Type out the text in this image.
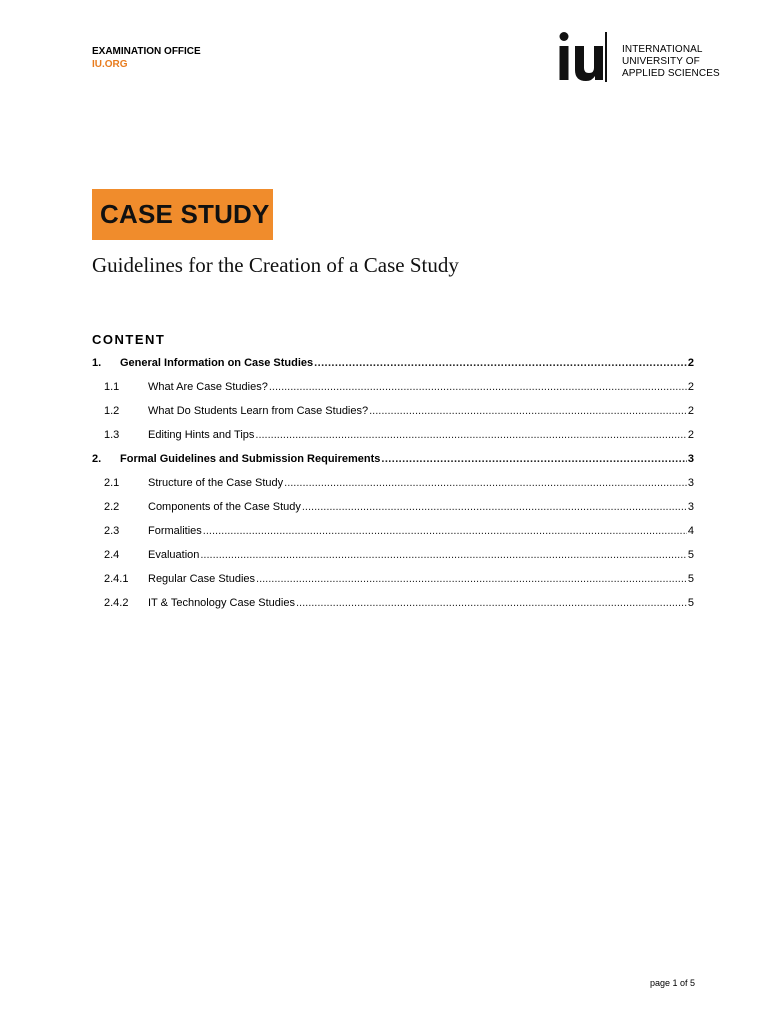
EXAMINATION OFFICE
IU.ORG
INTERNATIONAL
UNIVERSITY OF
APPLIED SCIENCES
CASE STUDY
Guidelines for the Creation of a Case Study
CONTENT
1.	General Information on Case Studies .....	2
1.1	What Are Case Studies? .....	2
1.2	What Do Students Learn from Case Studies? .....	2
1.3	Editing Hints and Tips .....	2
2.	Formal Guidelines and Submission Requirements .....	3
2.1	Structure of the Case Study .....	3
2.2	Components of the Case Study .....	3
2.3	Formalities .....	4
2.4	Evaluation .....	5
2.4.1	Regular Case Studies .....	5
2.4.2	IT & Technology Case Studies .....	5
page 1 of 5
